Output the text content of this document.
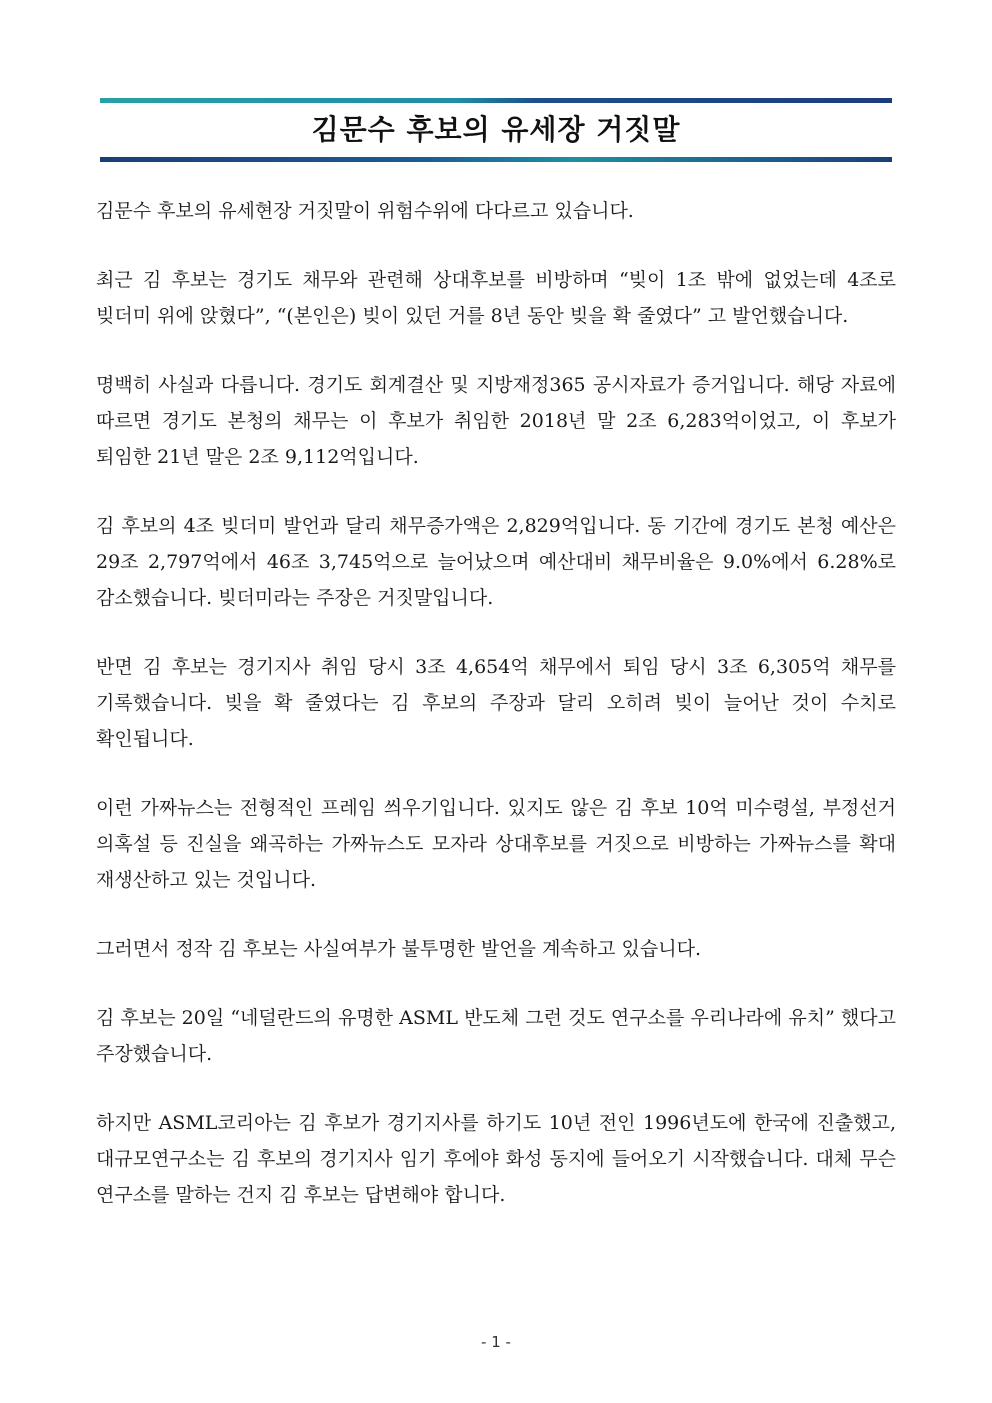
김문수 후보의 유세장 거짓말

김문수 후보의 유세현장 거짓말이 위험수위에 다다르고 있습니다.

최근 김 후보는 경기도 채무와 관련해 상대후보를 비방하며 “빚이 1조 밖에 없었는데 4조로 빚더미 위에 앉혔다”, “(본인은) 빚이 있던 거를 8년 동안 빚을 확 줄였다” 고 발언했습니다.

명백히 사실과 다릅니다. 경기도 회계결산 및 지방재정365 공시자료가 증거입니다. 해당 자료에 따르면 경기도 본청의 채무는 이 후보가 취임한 2018년 말 2조 6,283억이었고, 이 후보가 퇴임한 21년 말은 2조 9,112억입니다.

김 후보의 4조 빚더미 발언과 달리 채무증가액은 2,829억입니다. 동 기간에 경기도 본청 예산은 29조 2,797억에서 46조 3,745억으로 늘어났으며 예산대비 채무비율은 9.0%에서 6.28%로 감소했습니다. 빚더미라는 주장은 거짓말입니다.

반면 김 후보는 경기지사 취임 당시 3조 4,654억 채무에서 퇴임 당시 3조 6,305억 채무를 기록했습니다. 빚을 확 줄였다는 김 후보의 주장과 달리 오히려 빚이 늘어난 것이 수치로 확인됩니다.

이런 가짜뉴스는 전형적인 프레임 씌우기입니다. 있지도 않은 김 후보 10억 미수령설, 부정선거 의혹설 등 진실을 왜곡하는 가짜뉴스도 모자라 상대후보를 거짓으로 비방하는 가짜뉴스를 확대 재생산하고 있는 것입니다.

그러면서 정작 김 후보는 사실여부가 불투명한 발언을 계속하고 있습니다.

김 후보는 20일 “네덜란드의 유명한 ASML 반도체 그런 것도 연구소를 우리나라에 유치” 했다고 주장했습니다.

하지만 ASML코리아는 김 후보가 경기지사를 하기도 10년 전인 1996년도에 한국에 진출했고, 대규모연구소는 김 후보의 경기지사 임기 후에야 화성 동지에 들어오기 시작했습니다. 대체 무슨 연구소를 말하는 건지 김 후보는 답변해야 합니다.

- 1 -
